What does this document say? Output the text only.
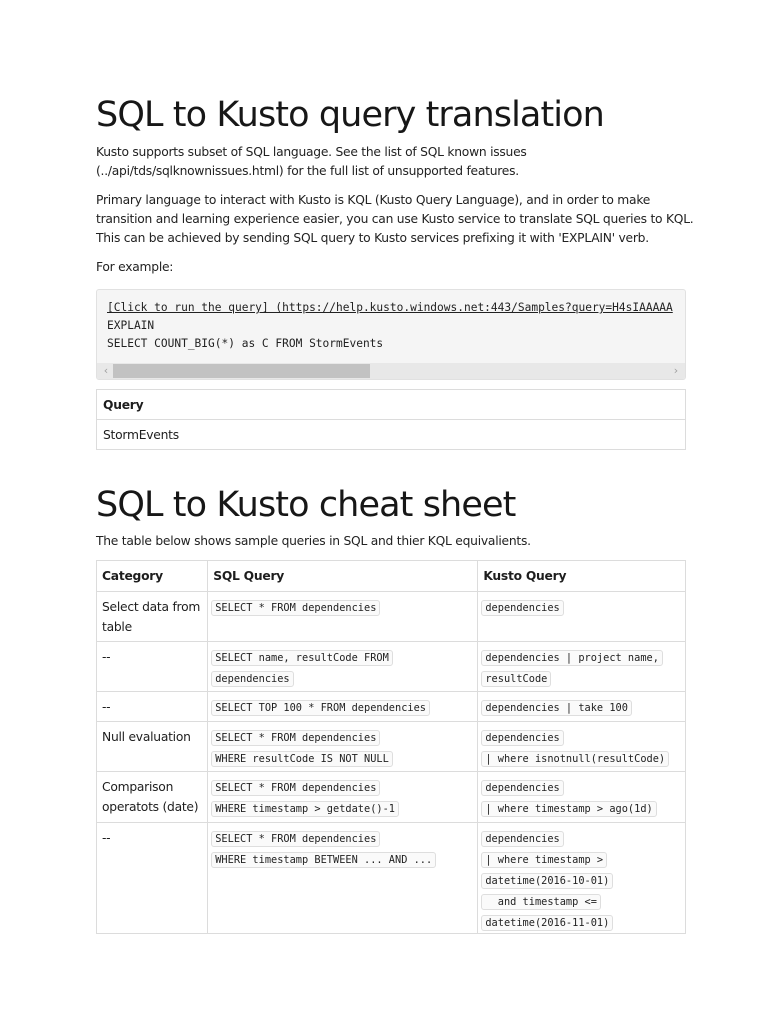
SQL to Kusto query translation

Kusto supports subset of SQL language. See the list of SQL known issues
(../api/tds/sqlknownissues.html) for the full list of unsupported features.

Primary language to interact with Kusto is KQL (Kusto Query Language), and in order to make
transition and learning experience easier, you can use Kusto service to translate SQL queries to KQL.
This can be achieved by sending SQL query to Kusto services prefixing it with 'EXPLAIN' verb.

For example:

[Click to run the query] (https://help.kusto.windows.net:443/Samples?query=H4sIAAAAA
EXPLAIN
SELECT COUNT_BIG(*) as C FROM StormEvents
‹	›
Query
StormEvents
SQL to Kusto cheat sheet

The table below shows sample queries in SQL and thier KQL equivalients.

Category	SQL Query	Kusto Query

Select data from
table	SELECT * FROM dependencies	dependencies

--	SELECT name, resultCode FROM
dependencies	dependencies | project name,
resultCode

--	SELECT TOP 100 * FROM dependencies	dependencies | take 100

Null evaluation	SELECT * FROM dependencies
WHERE resultCode IS NOT NULL	dependencies
| where isnotnull(resultCode)

Comparison
operatots (date)	SELECT * FROM dependencies
WHERE timestamp > getdate()-1	dependencies
| where timestamp > ago(1d)

--	SELECT * FROM dependencies
WHERE timestamp BETWEEN ... AND ...	dependencies
| where timestamp >
datetime(2016-10-01)
and timestamp <=
datetime(2016-11-01)
